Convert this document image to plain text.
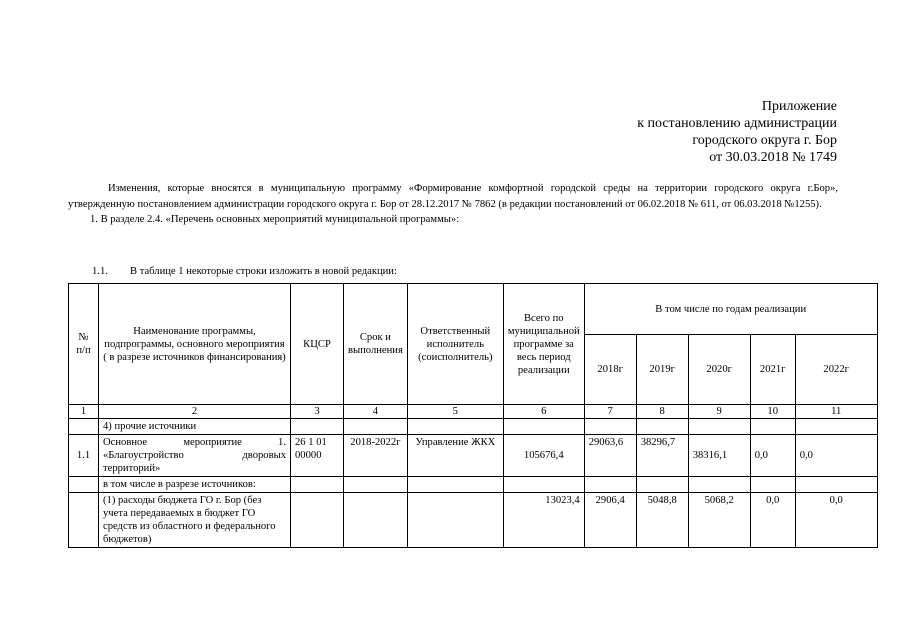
Приложение
к постановлению администрации
городского округа г. Бор
от 30.03.2018 № 1749

Изменения, которые вносятся в муниципальную программу «Формирование комфортной городской среды на территории городского округа г.Бор», утвержденную постановлением администрации городского округа г. Бор от 28.12.2017 № 7862 (в редакции постановлений от 06.02.2018 № 611, от 06.03.2018 №1255).

1. В разделе 2.4. «Перечень основных мероприятий муниципальной программы»:

1.1. В таблице 1 некоторые строки изложить в новой редакции:
№ п/п	Наименование программы, подпрограммы, основного мероприятия ( в разрезе источников финансирования)	КЦСР	Срок и выполнения	Ответственный исполнитель (соисполнитель)	Всего по муниципальной программе за весь период реализации	В том числе по годам реализации				
						2018г	2019г	2020г	2021г	2022г
1	2	3	4	5	6	7	8	9	10	11
	4) прочие источники									
1.1	Основное мероприятие 1. «Благоустройство дворовых территорий»	26 1 01 00000	2018-2022г	Управление ЖКХ	105676,4	29063,6	38296,7	38316,1	0,0	0,0
	в том числе в разрезе источников:									
	(1) расходы бюджета ГО г. Бор (без учета передаваемых в бюджет ГО средств из областного и федерального бюджетов)				13023,4	2906,4	5048,8	5068,2	0,0	0,0
